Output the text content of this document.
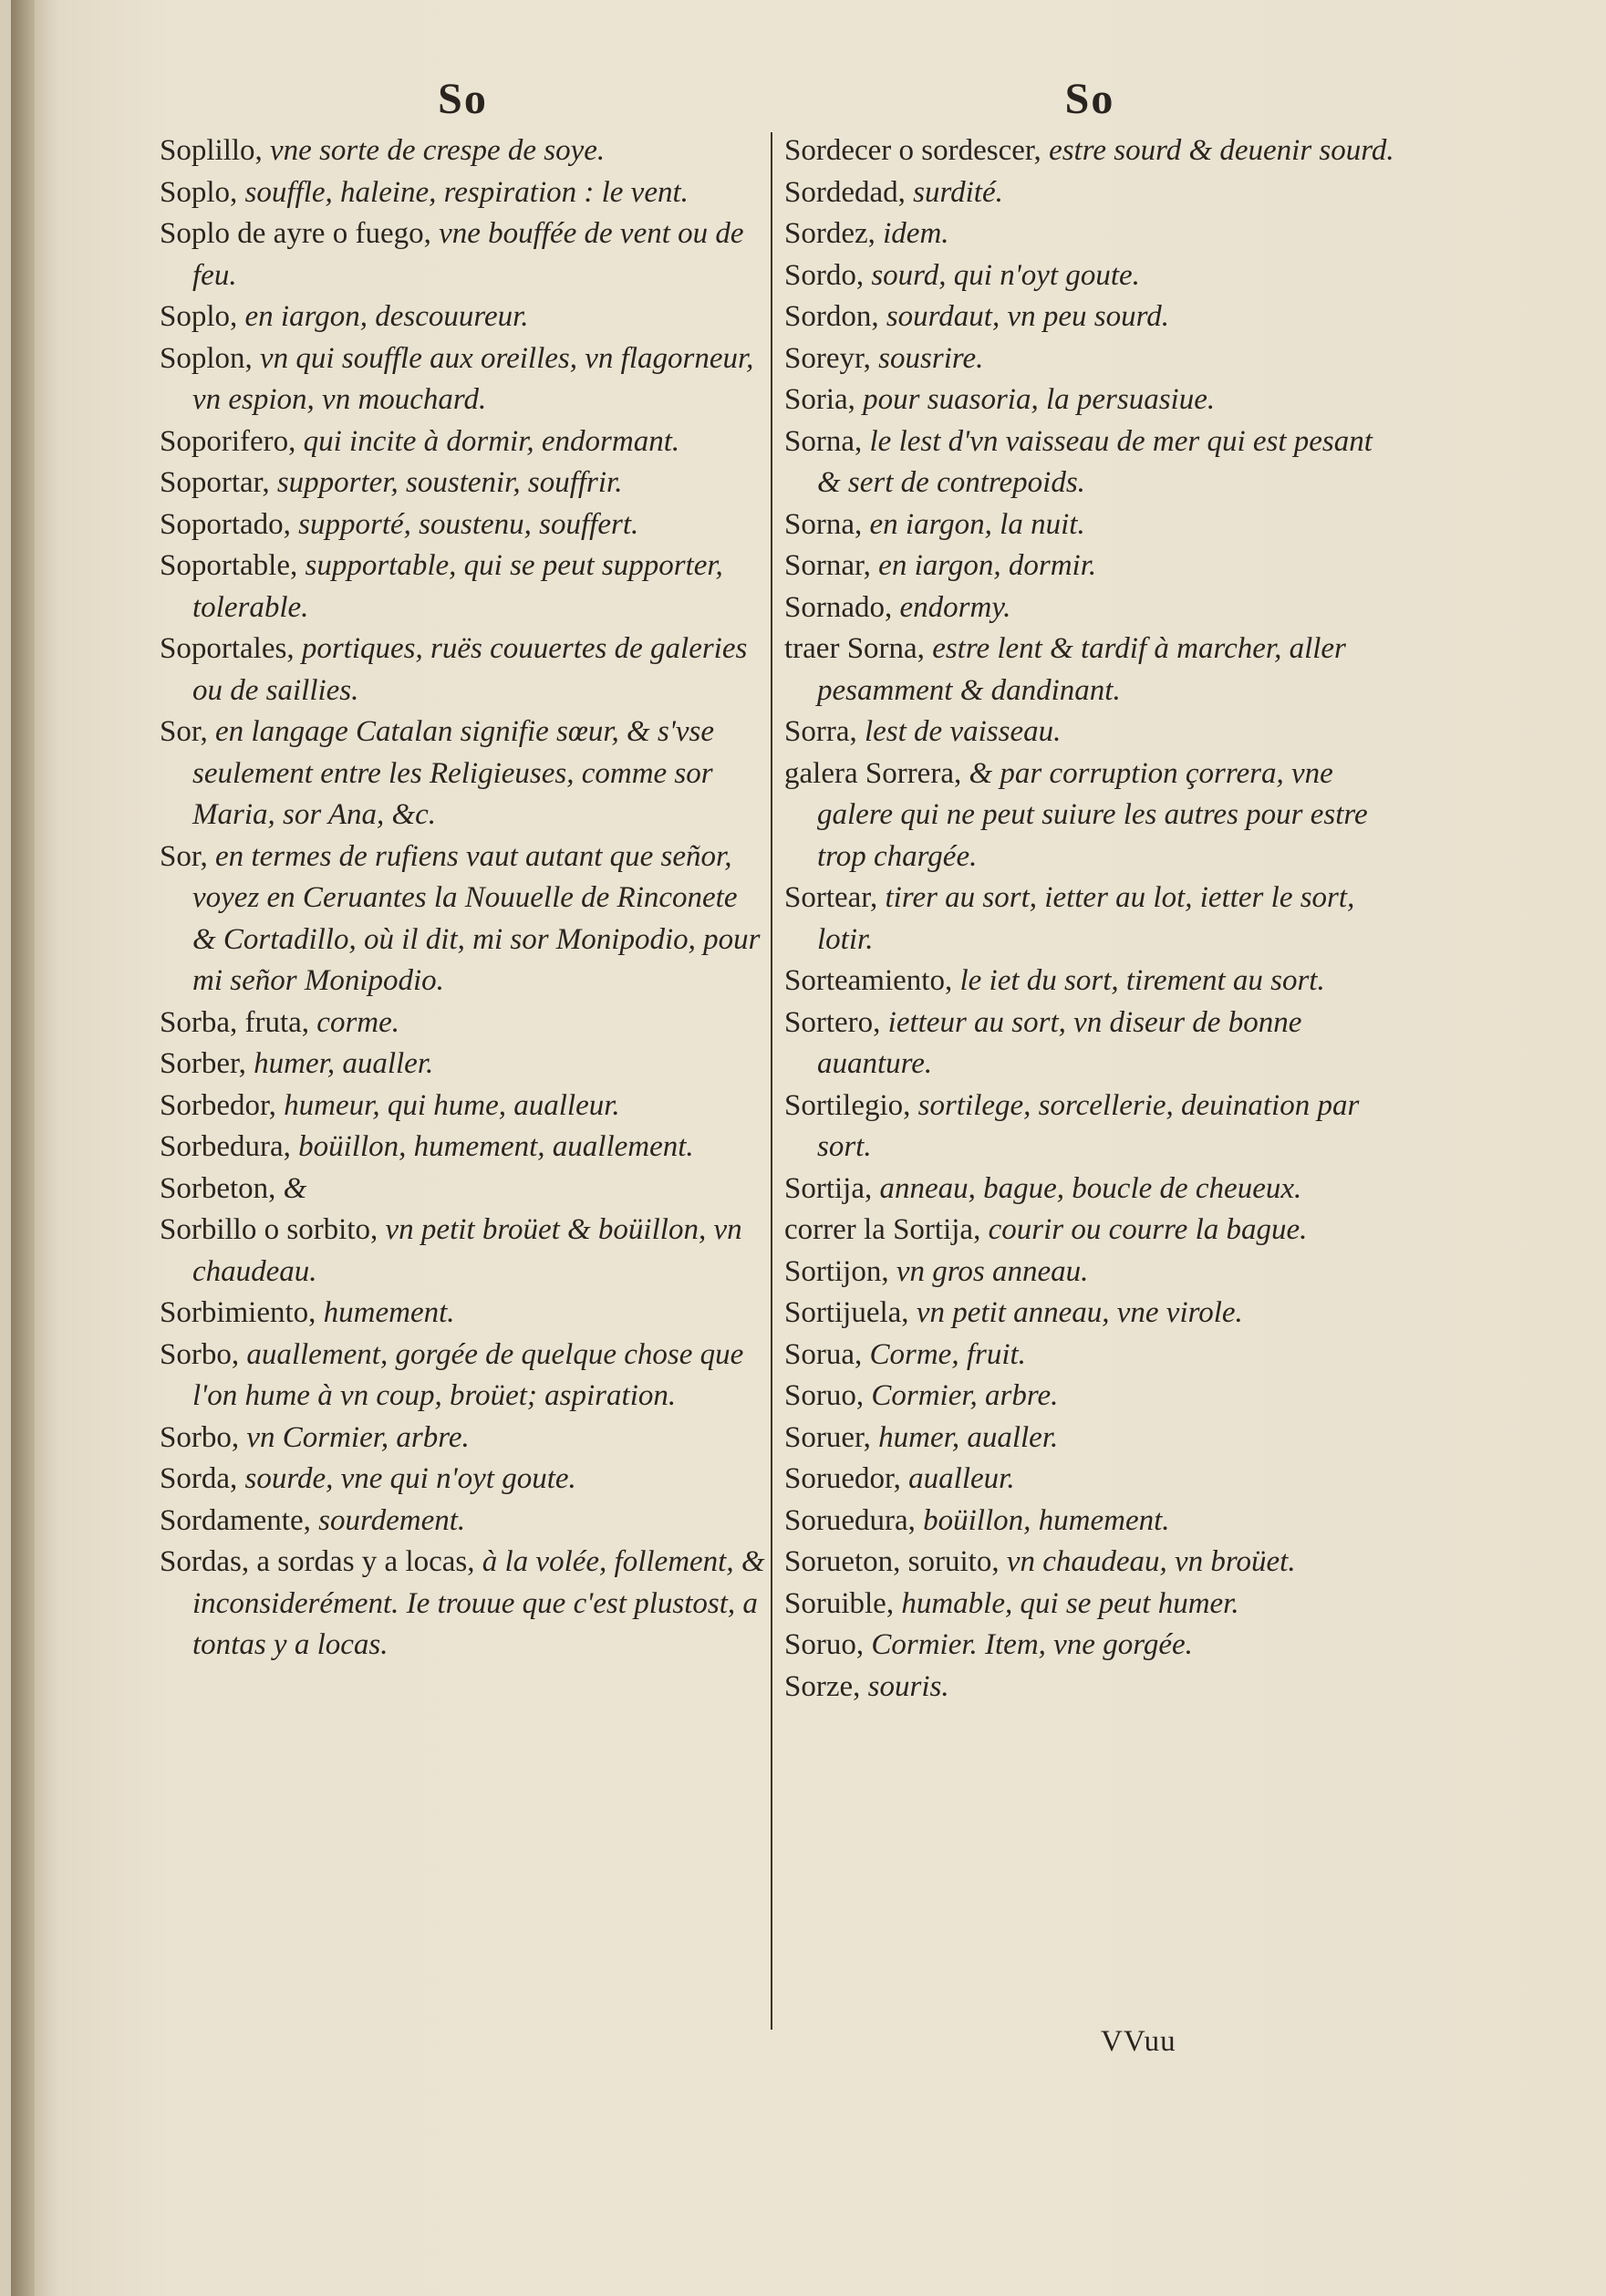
So

Soplillo, vne sorte de crespe de soye.

Soplo, souffle, haleine, respiration : le vent.

Soplo de ayre o fuego, vne bouffée de vent ou de feu.

Soplo, en iargon, descouureur.

Soplon, vn qui souffle aux oreilles, vn flagorneur, vn espion, vn mouchard.

Soporifero, qui incite à dormir, endormant.

Soportar, supporter, soustenir, souffrir.

Soportado, supporté, soustenu, souffert.

Soportable, supportable, qui se peut supporter, tolerable.

Soportales, portiques, ruës couuertes de galeries ou de saillies.

Sor, en langage Catalan signifie sœur, & s'vse seulement entre les Religieuses, comme sor Maria, sor Ana, &c.

Sor, en termes de rufiens vaut autant que señor, voyez en Ceruantes la Nouuelle de Rinconete & Cortadillo, où il dit, mi sor Monipodio, pour mi señor Monipodio.

Sorba, fruta, corme.

Sorber, humer, aualler.

Sorbedor, humeur, qui hume, aualleur.

Sorbedura, boüillon, humement, auallement.

Sorbeton, &

Sorbillo o sorbito, vn petit broüet & boüillon, vn chaudeau.

Sorbimiento, humement.

Sorbo, auallement, gorgée de quelque chose que l'on hume à vn coup, broüet; aspiration.

Sorbo, vn Cormier, arbre.

Sorda, sourde, vne qui n'oyt goute.

Sordamente, sourdement.

Sordas, a sordas y a locas, à la volée, follement, & inconsiderément. Ie trouue que c'est plustost, a tontas y a locas.

So

Sordecer o sordescer, estre sourd & deuenir sourd.

Sordedad, surdité.

Sordez, idem.

Sordo, sourd, qui n'oyt goute.

Sordon, sourdaut, vn peu sourd.

Soreyr, sousrire.

Soria, pour suasoria, la persuasiue.

Sorna, le lest d'vn vaisseau de mer qui est pesant & sert de contrepoids.

Sorna, en iargon, la nuit.

Sornar, en iargon, dormir.

Sornado, endormy.

traer Sorna, estre lent & tardif à marcher, aller pesamment & dandinant.

Sorra, lest de vaisseau.

galera Sorrera, & par corruption çorrera, vne galere qui ne peut suiure les autres pour estre trop chargée.

Sortear, tirer au sort, ietter au lot, ietter le sort, lotir.

Sorteamiento, le iet du sort, tirement au sort.

Sortero, ietteur au sort, vn diseur de bonne auanture.

Sortilegio, sortilege, sorcellerie, deuination par sort.

Sortija, anneau, bague, boucle de cheueux.

correr la Sortija, courir ou courre la bague.

Sortijon, vn gros anneau.

Sortijuela, vn petit anneau, vne virole.

Sorua, Corme, fruit.

Soruo, Cormier, arbre.

Soruer, humer, aualler.

Soruedor, aualleur.

Soruedura, boüillon, humement.

Sorueton, soruito, vn chaudeau, vn broüet.

Soruible, humable, qui se peut humer.

Soruo, Cormier. Item, vne gorgée.

Sorze, souris.

VVuu
